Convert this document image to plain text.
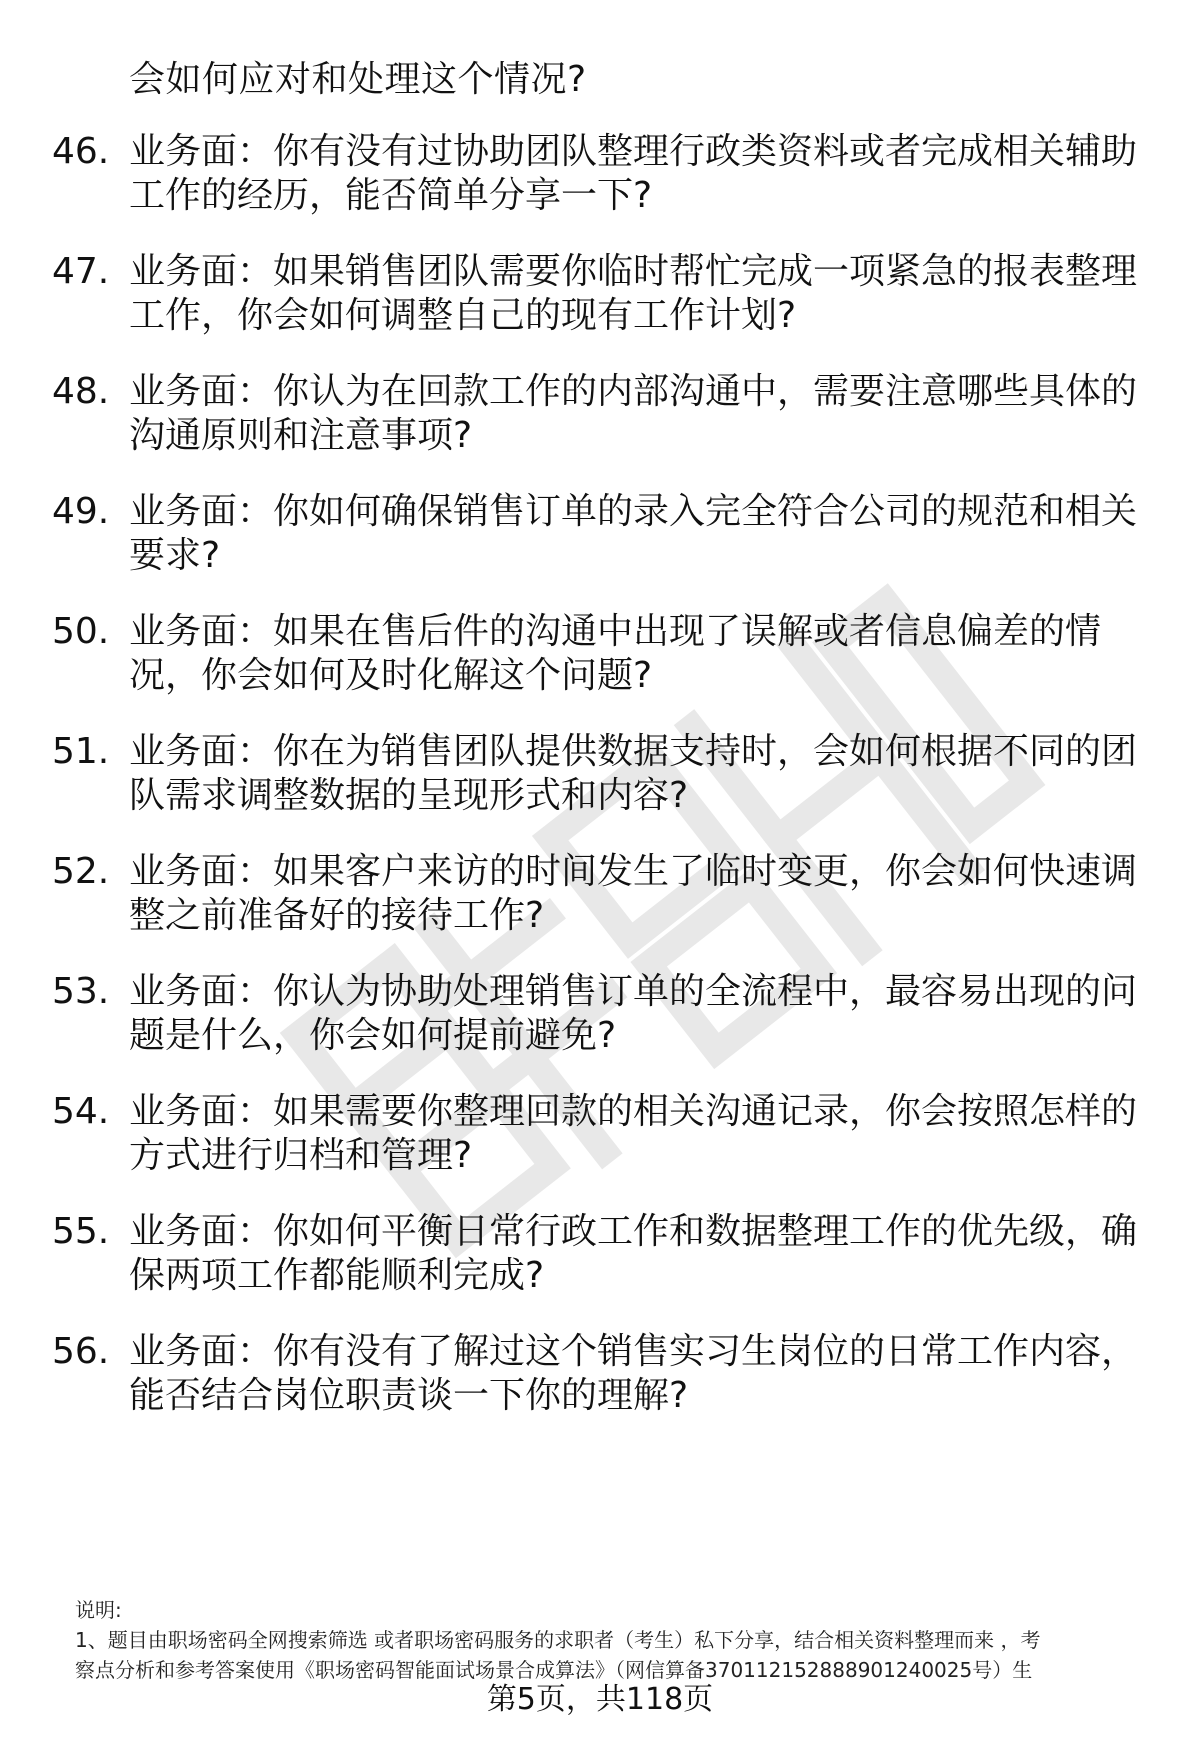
会如何应对和处理这个情况?
46. 业务面：你有没有过协助团队整理行政类资料或者完成相关辅助
工作的经历，能否简单分享一下?
47. 业务面：如果销售团队需要你临时帮忙完成一项紧急的报表整理
工作，你会如何调整自己的现有工作计划?
48. 业务面：你认为在回款工作的内部沟通中，需要注意哪些具体的
沟通原则和注意事项?
49. 业务面：你如何确保销售订单的录入完全符合公司的规范和相关
要求?
50. 业务面：如果在售后件的沟通中出现了误解或者信息偏差的情
况，你会如何及时化解这个问题?
51. 业务面：你在为销售团队提供数据支持时，会如何根据不同的团
队需求调整数据的呈现形式和内容?
52. 业务面：如果客户来访的时间发生了临时变更，你会如何快速调
整之前准备好的接待工作?
53. 业务面：你认为协助处理销售订单的全流程中，最容易出现的问
题是什么，你会如何提前避免?
54. 业务面：如果需要你整理回款的相关沟通记录，你会按照怎样的
方式进行归档和管理?
55. 业务面：你如何平衡日常行政工作和数据整理工作的优先级，确
保两项工作都能顺利完成?
56. 业务面：你有没有了解过这个销售实习生岗位的日常工作内容，
能否结合岗位职责谈一下你的理解?
说明:
1、题目由职场密码全网搜索筛选 或者职场密码服务的求职者（考生）私下分享，结合相关资料整理而来 ，考
察点分析和参考答案使用《职场密码智能面试场景合成算法》（网信算备370112152888901240025号）生
第5页，共118页
